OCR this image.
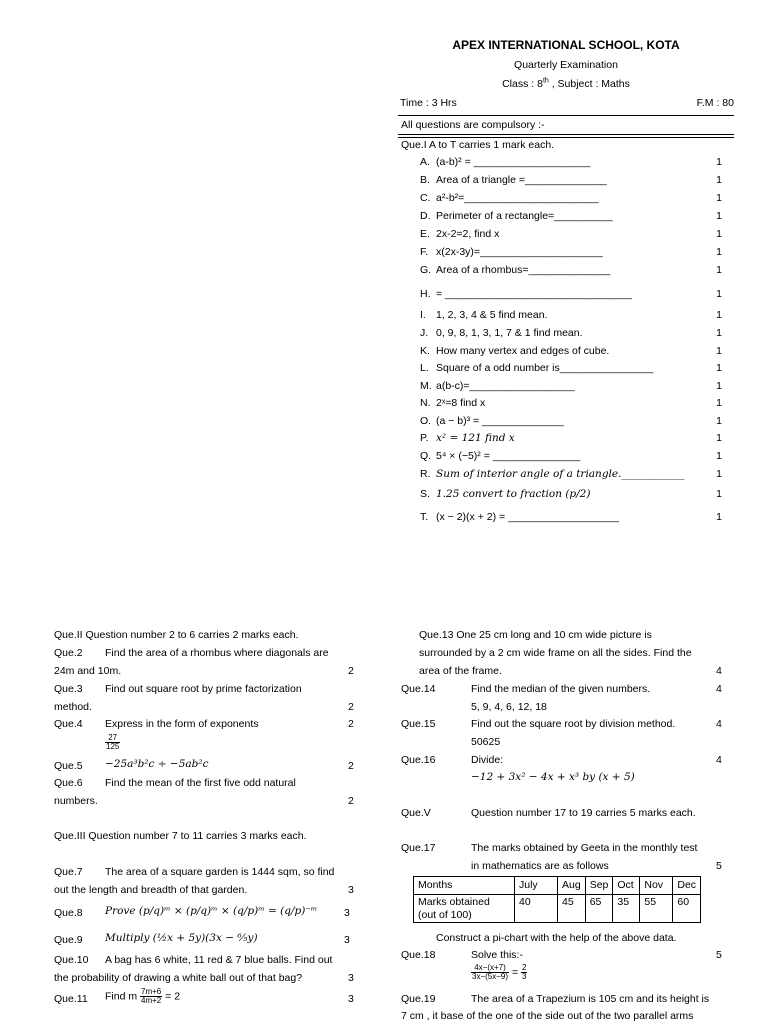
APEX INTERNATIONAL SCHOOL, KOTA
Quarterly Examination
Class : 8th , Subject : Maths
Time : 3 Hrs	F.M : 80
All questions are compulsory :-
Que.I A to T carries 1 mark each.
A. (a-b)² = ____________________	1
B. Area of a triangle =______________	1
C. a²-b²=_______________________	1
D. Perimeter of a rectangle=__________	1
E. 2x-2=2, find x	1
F. x(2x-3y)=_____________________	1
G. Area of a rhombus=______________	1
H. = ________________________________	1
I. 1, 2, 3, 4 & 5 find mean.	1
J. 0, 9, 8, 1, 3, 1, 7 & 1 find mean.	1
K. How many vertex and edges of cube.	1
L. Square of a odd number is________________	1
M. a(b-c)=__________________	1
N. 2ˣ=8 find x	1
O. (a − b)³ = ______________	1
P. x² = 121 find x	1
Q. 5⁴ × (−5)² = _______________	1
R. Sum of interior angle of a triangle.____________	1
S. 1.25 convert to fraction (p/2)	1
T. (x − 2)(x + 2) = ___________________	1
Que.II Question number 2 to 6 carries 2 marks each.
Que.2 Find the area of a rhombus where diagonals are
24m and 10m.	2
Que.3 Find out square root by prime factorization
method.	2
Que.4 Express in the form of exponents	2
$\frac{27}{125}$
Que.5 −25a³b²c ÷ −5ab²c	2
Que.6 Find the mean of the first five odd natural
numbers.	2
Que.III Question number 7 to 11 carries 3 marks each.
Que.7 The area of a square garden is 1444 sqm, so find
out the length and breadth of that garden.	3
Que.8 Prove (p/q)ᵐ × (p/q)ᵐ × (q/p)ᵐ = (q/p)⁻ᵐ	3
Que.9 Multiply (½x + 5y)(3x − ⁶⁄₅y)	3
Que.10 A bag has 6 white, 11 red & 7 blue balls. Find out
the probability of drawing a white ball out of that bag?	3
Que.11 Find m $\frac{7m+6}{4m+2} = 2$	3
Que.13 One 25 cm long and 10 cm wide picture is
surrounded by a 2 cm wide frame on all the sides. Find the
area of the frame.	4
Que.14	Find the median of the given numbers.
5, 9, 4, 6, 12, 18
4
Que.15	Find out the square root by division method.
50625
4
Que.16	Divide:
−12 + 3x² − 4x + x³ by (x + 5)
4
Que.V	Question number 17 to 19 carries 5 marks each.
Que.17	The marks obtained by Geeta in the monthly test
in mathematics are as follows	5
Months	July	Aug	Sep	Oct	Nov	Dec
Marks obtained
(out of 100)	40	45	65	35	55	60
Construct a pi-chart with the help of the above data.
Que.18	Solve this:-	5
$\frac{4x-(x+7)}{3x-(5x-9)} = \frac{2}{3}$
Que.19	The area of a Trapezium is 105 cm and its height is
7 cm , it base of the one of the side out of the two parallel arms
